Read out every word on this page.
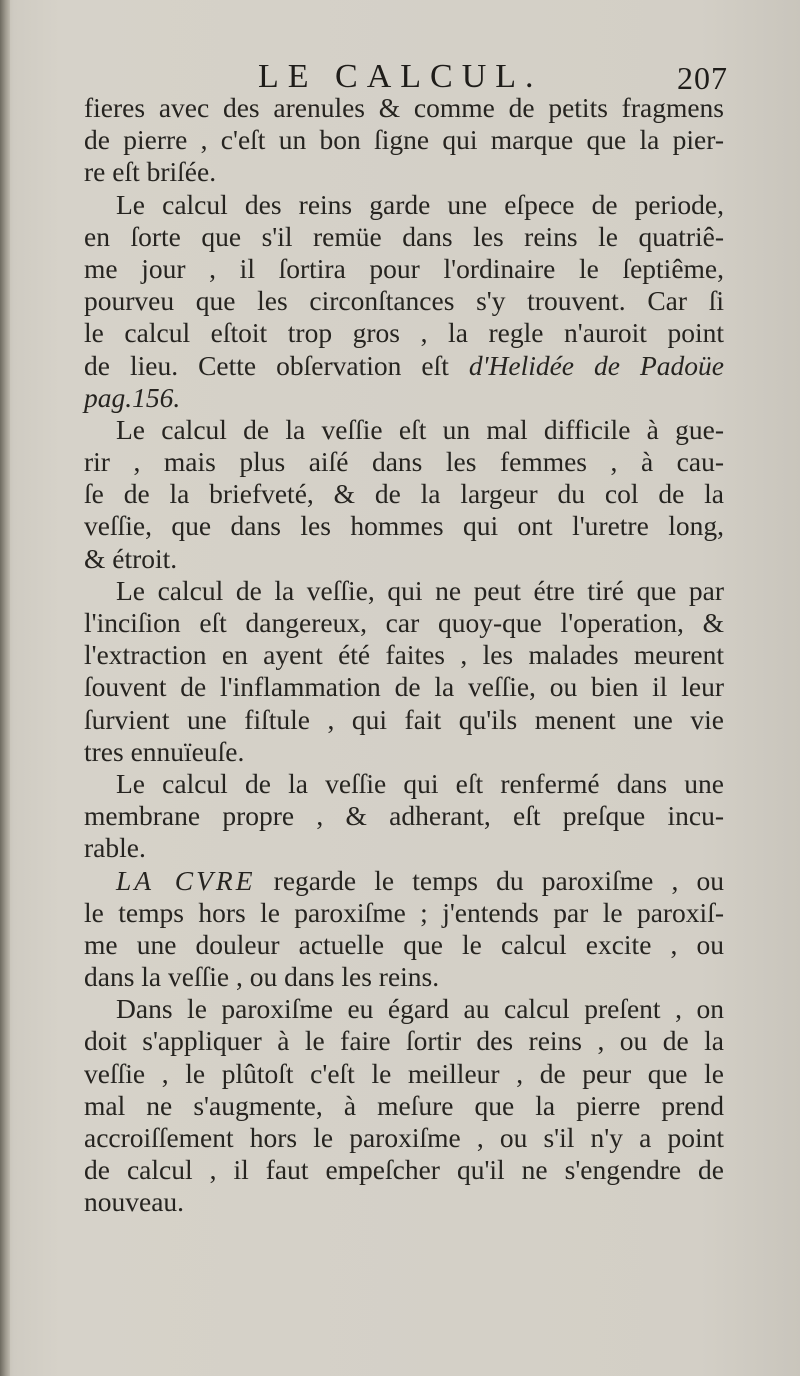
LE CALCUL.	207
fieres avec des arenules & comme de petits fragmens
de pierre , c'eſt un bon ſigne qui marque que la pier-
re eſt briſée.
Le calcul des reins garde une eſpece de periode,
en ſorte que s'il remüe dans les reins le quatriê-
me jour , il ſortira pour l'ordinaire le ſeptiême,
pourveu que les circonſtances s'y trouvent. Car ſi
le calcul eſtoit trop gros , la regle n'auroit point
de lieu. Cette obſervation eſt d'Helidée de Padoüe
pag.156.
Le calcul de la veſſie eſt un mal difficile à gue-
rir , mais plus aiſé dans les femmes , à cau-
ſe de la briefveté, & de la largeur du col de la
veſſie, que dans les hommes qui ont l'uretre long,
& étroit.
Le calcul de la veſſie, qui ne peut étre tiré que par
l'inciſion eſt dangereux, car quoy-que l'operation, &
l'extraction en ayent été faites , les malades meurent
ſouvent de l'inflammation de la veſſie, ou bien il leur
ſurvient une fiſtule , qui fait qu'ils menent une vie
tres ennuïeuſe.
Le calcul de la veſſie qui eſt renfermé dans une
membrane propre , & adherant, eſt preſque incu-
rable.
LA CVRE regarde le temps du paroxiſme , ou
le temps hors le paroxiſme ; j'entends par le paroxiſ-
me une douleur actuelle que le calcul excite , ou
dans la veſſie , ou dans les reins.
Dans le paroxiſme eu égard au calcul preſent , on
doit s'appliquer à le faire ſortir des reins , ou de la
veſſie , le plûtoſt c'eſt le meilleur , de peur que le
mal ne s'augmente, à meſure que la pierre prend
accroiſſement hors le paroxiſme , ou s'il n'y a point
de calcul , il faut empeſcher qu'il ne s'engendre de
nouveau.
